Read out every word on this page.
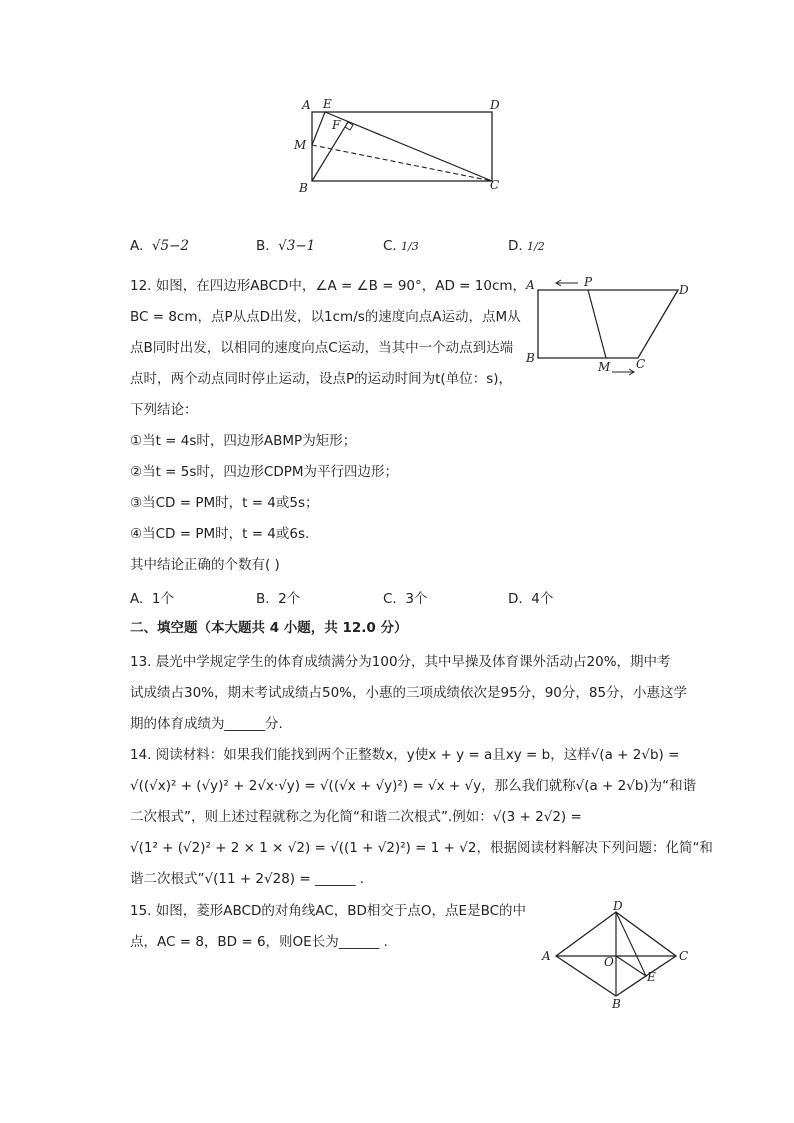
A E	D
F
M
B	C
A. √5−2	B. √3−1	C. 1/3	D. 1/2
12. 如图，在四边形ABCD中，∠A = ∠B = 90°，AD = 10cm，
BC = 8cm，点P从点D出发，以1cm/s的速度向点A运动，点M从
点B同时出发，以相同的速度向点C运动，当其中一个动点到达端
点时，两个动点同时停止运动，设点P的运动时间为t(单位：s)，
下列结论：
①当t = 4s时，四边形ABMP为矩形；
②当t = 5s时，四边形CDPM为平行四边形；
③当CD = PM时，t = 4或5s；
④当CD = PM时，t = 4或6s.
其中结论正确的个数有( )
A. 1个	B. 2个	C. 3个	D. 4个
A	P
D
B
M C
二、填空题（本大题共 4 小题，共 12.0 分）
13. 晨光中学规定学生的体育成绩满分为100分，其中早操及体育课外活动占20%，期中考
试成绩占30%，期末考试成绩占50%，小惠的三项成绩依次是95分，90分，85分，小惠这学
期的体育成绩为______分.
14. 阅读材料：如果我们能找到两个正整数x，y使x + y = a且xy = b，这样√(a + 2√b) =
√((√x)² + (√y)² + 2√x·√y) = √((√x + √y)²) = √x + √y，那么我们就称√(a + 2√b)为“和谐
二次根式”，则上述过程就称之为化简“和谐二次根式”.例如：√(3 + 2√2) =
√(1² + (√2)² + 2 × 1 × √2) = √((1 + √2)²) = 1 + √2，根据阅读材料解决下列问题：化简“和
谐二次根式”√(11 + 2√28) = ______ .
15. 如图，菱形ABCD的对角线AC，BD相交于点O，点E是BC的中
点，AC = 8，BD = 6，则OE长为______ .
D
A	O	C
E
B
